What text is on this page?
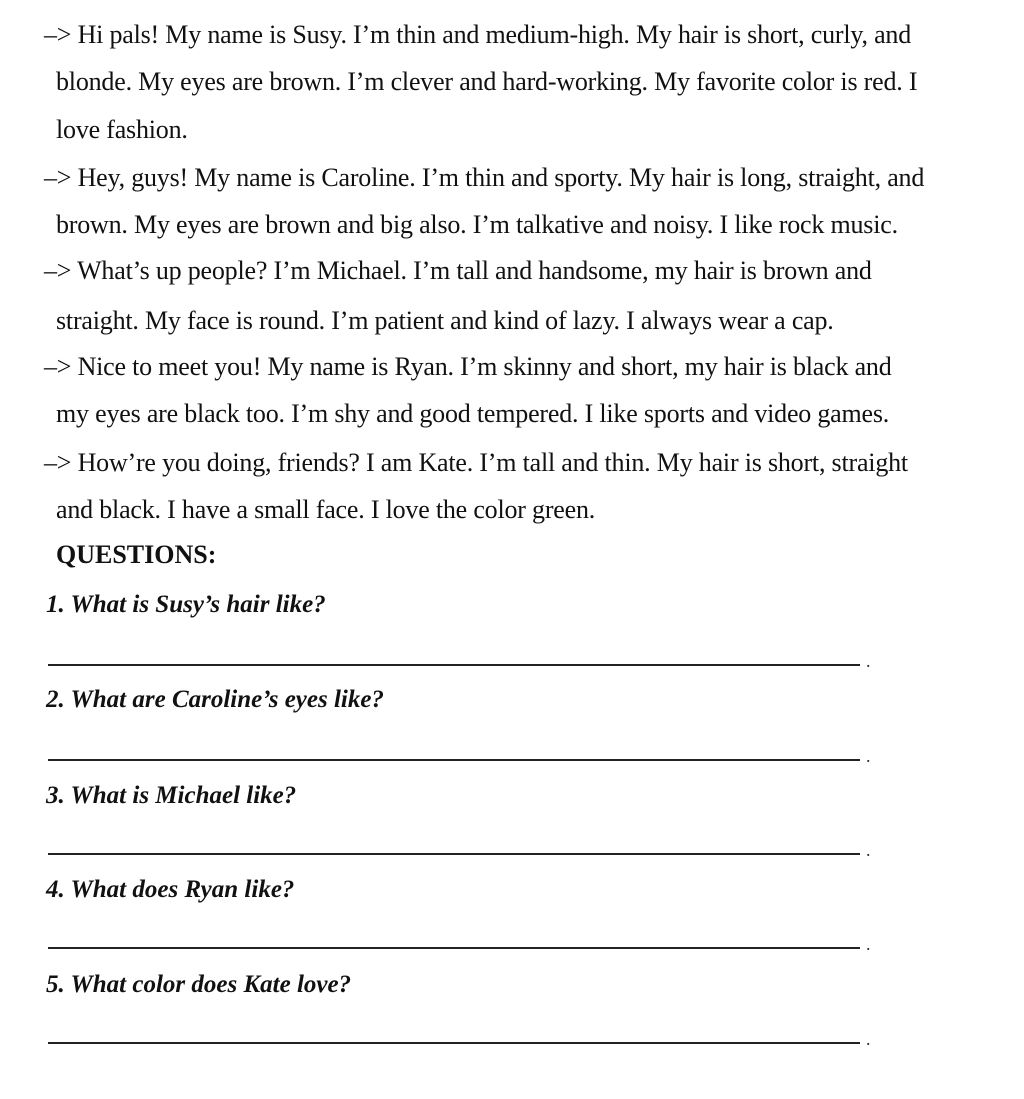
–> Hi pals! My name is Susy. I’m thin and medium-high. My hair is short, curly, and
blonde. My eyes are brown. I’m clever and hard-working. My favorite color is red. I
love fashion.
–> Hey, guys! My name is Caroline. I’m thin and sporty. My hair is long, straight, and
brown. My eyes are brown and big also. I’m talkative and noisy. I like rock music.
–> What’s up people? I’m Michael. I’m tall and handsome, my hair is brown and
straight. My face is round. I’m patient and kind of lazy. I always wear a cap.
–> Nice to meet you! My name is Ryan. I’m skinny and short, my hair is black and
my eyes are black too. I’m shy and good tempered. I like sports and video games.
–> How’re you doing, friends? I am Kate. I’m tall and thin. My hair is short, straight
and black. I have a small face. I love the color green.
QUESTIONS:
1. What is Susy’s hair like?
.
2. What are Caroline’s eyes like?
.
3. What is Michael like?
.
4. What does Ryan like?
.
5. What color does Kate love?
.
